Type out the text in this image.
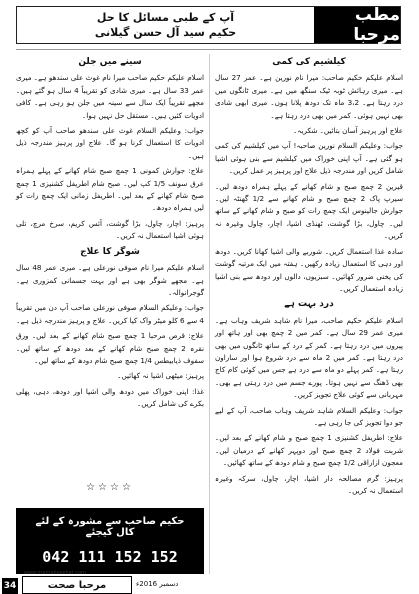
مطب مرحبا
آپ کے طبی مسائل کا حل
حکیم سید آل حسن گیلانی
کیلشیم کی کمی

اسلام علیکم حکیم صاحب: میرا نام نورین ہے۔ عمر 27 سال ہے۔ میری رہائش ٹوبہ ٹیک سنگھ میں ہے۔ میری ٹانگوں میں درد رہتا ہے۔ 3،2 ماہ تک دودھ پلانا ہوں۔ میری ابھی شادی بھی نہیں ہوئی۔ کمر میں بھی درد رہتا ہے۔

علاج اور پرہیز آسان بتائیں۔ شکریہ۔

جواب: وعلیکم السلام نورین صاحبہ! آپ میں کیلشیم کی کمی ہو گئی ہے۔ آپ اپنی خوراک میں کیلشیم سے بنی ہوئی اشیا شامل کریں اور مندرجہ ذیل علاج اور پرہیز پر عمل کریں۔

قیرین 2 چمچ صبح و شام کھانے کے پہلے ہمراہ دودھ لیں۔ سیرپ پاک 2 چمچ صبح و شام کھانے سے 1/2 گھنٹہ لیں۔ جوارش جالینوس ایک چمچ رات کو صبح و شام کھانے کے ساتھ لیں۔ چاول، بڑا گوشت، ٹھنڈی اشیا، اچار، چاول وغیرہ نہ کریں۔

سادہ غذا استعمال کریں۔ شوربے والی اشیا کھانا کریں۔ دودھ اور دہی کا استعمال زیادہ رکھیں۔ ہفتہ میں ایک مرتبہ گوشت کی یخنی ضرور کھائیں۔ سبزیوں، دالوں اور دودھ سے بنی اشیا زیادہ استعمال کریں۔

درد بہت ہے

اسلام علیکم حکیم صاحب، میرا نام شاہد شریف وہاب ہے۔ میری عمر 29 سال ہے۔ کمر میں 2 چمچ بھی اور ہاتھ اور پیروں میں درد رہتا ہے۔ کمر کے درد کے ساتھ ٹانگوں میں بھی درد رہتا ہے۔ کمر میں 2 ماہ سے درد شروع ہوا اور ساراون رہتا ہے۔ کمر پہلے دو ماہ سے درد ہے جس میں کوئی کام کاج بھی ڈھنگ سے نہیں ہوتا۔ پورے جسم میں درد رہتی ہے بھی۔ مہربانی سے کوئی علاج تجویز کریں۔

جواب: وعلیکم السلام شاہد شریف وہاب صاحب، آپ کے لیے جو دوا تجویز کی جا رہی ہے۔

علاج: اطریفل کشنیزی 1 چمچ صبح و شام کھانے کے بعد لیں۔ شربت فولاد 2 چمچ صبح اور دوپہر کھانے کے درمیان لیں۔ معجون ازاراقی 1/2 چمچ صبح و شام دودھ کے ساتھ کھائیں۔

پرہیز: گرم مصالحہ دار اشیا، اچار، چاول، سرکہ وغیرہ استعمال نہ کریں۔

سینے میں جلن

اسلام علیکم حکیم صاحب میرا نام غوث علی سندھو ہے۔ میری عمر 33 سال ہے۔ میری شادی کو تقریباً 4 سال ہو گئے ہیں۔ مجھے تقریباً ایک سال سے سینہ میں جلن ہو رہی ہے۔ کافی ادویات کئیں ہیں۔ مستقل حل نہیں ہوا۔

جواب: وعلیکم السلام غوث علی سندھو صاحب آپ کو کچھ ادویات کا استعمال کرنا ہو گا۔ علاج اور پرہیز مندرجہ ذیل ہیں۔

علاج: جوارش کمونی 1 چمچ صبح شام کھانے کے پہلے ہمراہ عرق سونف 1/5 کپ لیں۔ صبح شام اطریفل کشنیزی 1 چمچ صبح شام کھانے کے بعد لیں۔ اطریفل زمانی ایک چمچ رات کو لیں ہمراہ دودھ۔

پرہیز: اچار، چاول، بڑا گوشت، آئس کریم، سرخ مرچ، تلی ہوئی اشیا استعمال نہ کریں۔

شوگر کا علاج

اسلام علیکم میرا نام صوفی نورعلی ہے۔ میری عمر 48 سال ہے۔ مجھے شوگر بھی ہے اور بہت جسمانی کمزوری ہے۔ گوجرانوالہ۔

جواب: وعلیکم السلام صوفی نورعلی صاحب آپ دن میں تقریباً 4 سے 6 کلو میٹر واک کیا کریں۔ علاج و پرہیز مندرجہ ذیل ہے۔

علاج: قرص مرحبا 1 چمچ صبح شام کھانے کے بعد لیں۔ ورق نقرہ 2 چمچ صبح شام کھانے کے بعد دودھ کے ساتھ لیں۔ سفوف ذیابیطس 1/4 چمچ صبح شام دودھ کے ساتھ لیں۔

پرہیز: میٹھی اشیا نہ کھائیں۔

غذا: اپنی خوراک میں دودھ والی اشیا اور دودھ، دہی، پھلی بکرے کی شامل کریں۔

☆☆☆☆
حکیم صاحب سے مشورہ کے لئے کال کیجئے
042 111 152 152
34
www.marhabasehat.com
مرحبا صحت	دسمبر 2016ء
